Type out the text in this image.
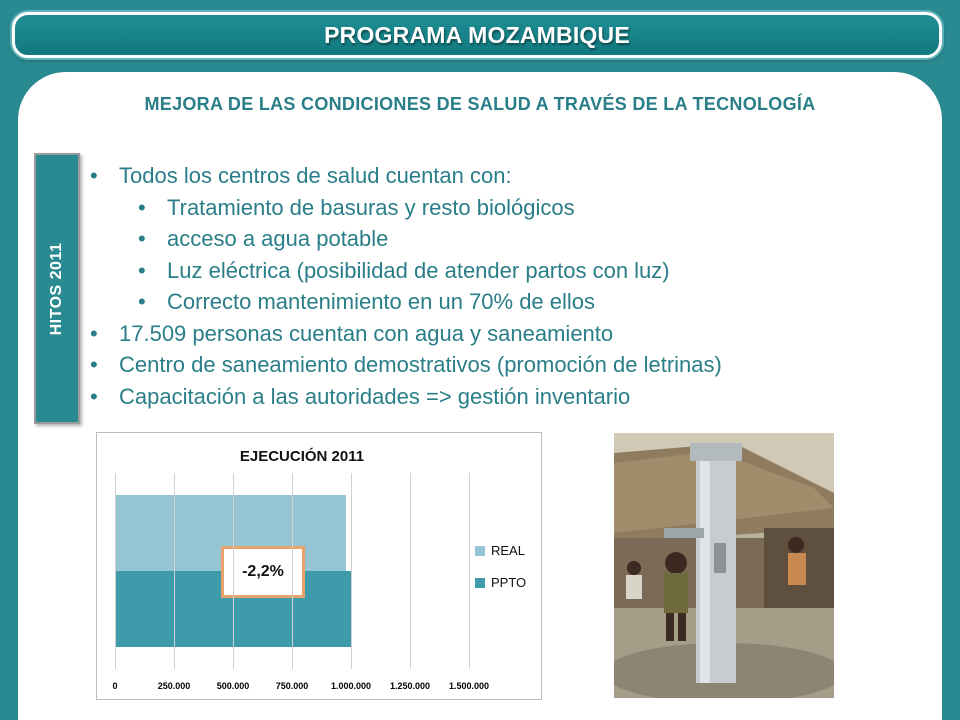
PROGRAMA MOZAMBIQUE
MEJORA DE LAS CONDICIONES DE SALUD A TRAVÉS DE LA TECNOLOGÍA
HITOS 2011
• Todos los centros de salud cuentan con:
• Tratamiento de basuras y resto biológicos
• acceso a agua potable
• Luz eléctrica (posibilidad de atender partos con luz)
• Correcto mantenimiento en un 70% de ellos
• 17.509 personas cuentan con agua y saneamiento
• Centro de saneamiento demostrativos (promoción de letrinas)
• Capacitación a las autoridades => gestión inventario
EJECUCIÓN 2011
-2,2%
REAL
PPTO
0	250.000	500.000	750.000	1.000.000 1.250.000 1.500.000
